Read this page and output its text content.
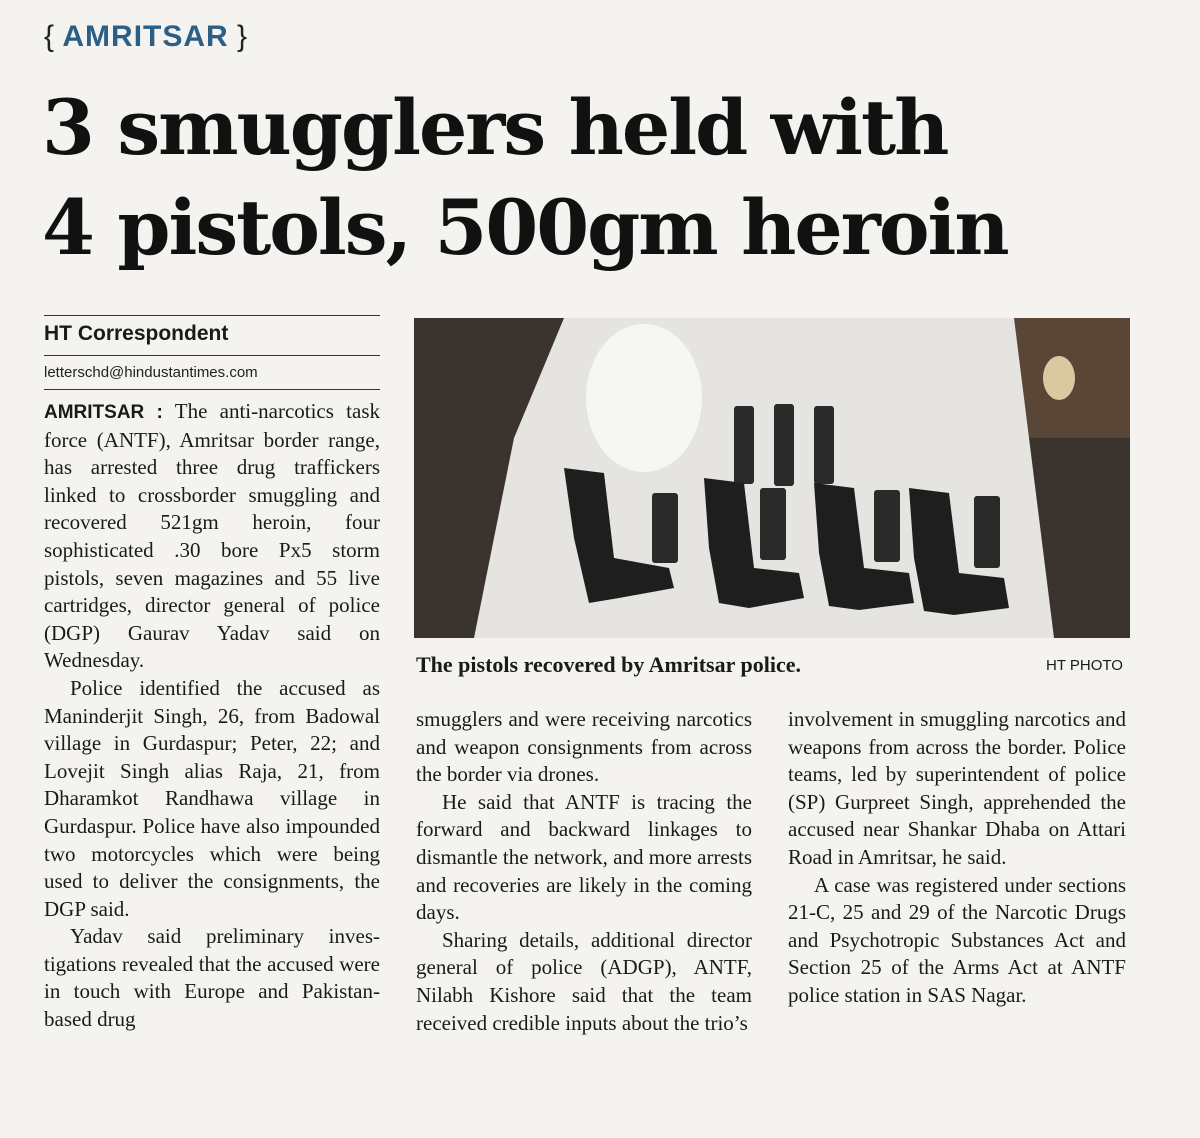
{ AMRITSAR }
3 smugglers held with
4 pistols, 500gm heroin
HT Correspondent
letterschd@hindustantimes.com

AMRITSAR : The anti-narcotics task force (ANTF), Amritsar border range, has arrested three drug traffickers linked to crossborder smuggling and recovered 521gm heroin, four sophisticated .30 bore Px5 storm pistols, seven magazines and 55 live cartridges, director general of police (DGP) Gaurav Yadav said on Wednesday.

Police identified the accused as Maninderjit Singh, 26, from Badowal village in Gurdaspur; Peter, 22; and Lovejit Singh alias Raja, 21, from Dharamkot Randhawa village in Gurdaspur. Police have also impounded two motorcycles which were being used to deliver the consignments, the DGP said.

Yadav said preliminary investigations revealed that the accused were in touch with Europe and Pakistan-based drug

The pistols recovered by Amritsar police.	HT PHOTO

smugglers and were receiving narcotics and weapon consignments from across the border via drones.

He said that ANTF is tracing the forward and backward linkages to dismantle the network, and more arrests and recoveries are likely in the coming days.

Sharing details, additional director general of police (ADGP), ANTF, Nilabh Kishore said that the team received credible inputs about the trio’s

involvement in smuggling narcotics and weapons from across the border. Police teams, led by superintendent of police (SP) Gurpreet Singh, apprehended the accused near Shankar Dhaba on Attari Road in Amritsar, he said.

A case was registered under sections 21-C, 25 and 29 of the Narcotic Drugs and Psychotropic Substances Act and Section 25 of the Arms Act at ANTF police station in SAS Nagar.
